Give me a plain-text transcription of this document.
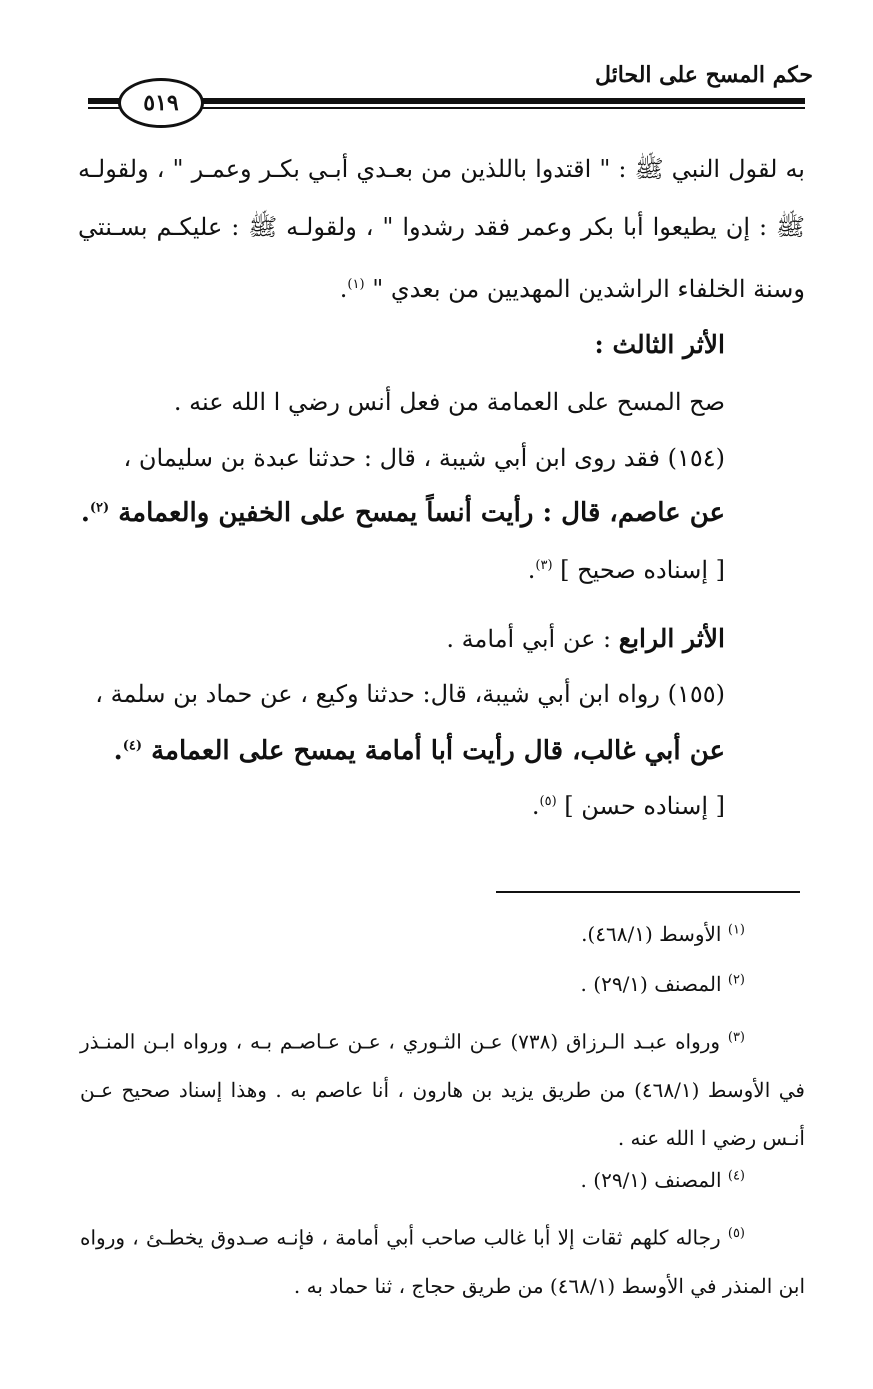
حكم المسح على الحائل
٥١٩
به لقول النبي ﷺ : " اقتدوا باللذين من بعـدي أبـي بكـر وعمـر " ، ولقولـه ﷺ : إن يطيعوا أبا بكر وعمر فقد رشدوا " ، ولقولـه ﷺ : عليكـم بسـنتي وسنة الخلفاء الراشدين المهديين من بعدي " $^{(١)}$.
الأثر الثالث :
صح المسح على العمامة من فعل أنس رضي ا الله عنه .
(١٥٤) فقد روى ابن أبي شيبة ، قال : حدثنا عبدة بن سليمان ،
عن عاصم، قال : رأيت أنساً يمسح على الخفين والعمامة $^{(٢)}$.
[ إسناده صحيح ] $^{(٣)}$.
الأثر الرابع : عن أبي أمامة .
(١٥٥) رواه ابن أبي شيبة، قال: حدثنا وكيع ، عن حماد بن سلمة ،
عن أبي غالب، قال رأيت أبا أمامة يمسح على العمامة $^{(٤)}$.
[ إسناده حسن ] $^{(٥)}$.
$^{(١)}$ الأوسط (٤٦٨/١).
$^{(٢)}$ المصنف (٢٩/١) .
$^{(٣)}$ ورواه عبـد الـرزاق (٧٣٨) عـن الثـوري ، عـن عـاصـم بـه ، ورواه ابـن المنـذر في الأوسط (٤٦٨/١) من طريق يزيد بن هارون ، أنا عاصم به . وهذا إسناد صحيح عـن أنـس رضي ا الله عنه .
$^{(٤)}$ المصنف (٢٩/١) .
$^{(٥)}$ رجاله كلهم ثقات إلا أبا غالب صاحب أبي أمامة ، فإنـه صـدوق يخطـئ ، ورواه ابن المنذر في الأوسط (٤٦٨/١) من طريق حجاج ، ثنا حماد به .
